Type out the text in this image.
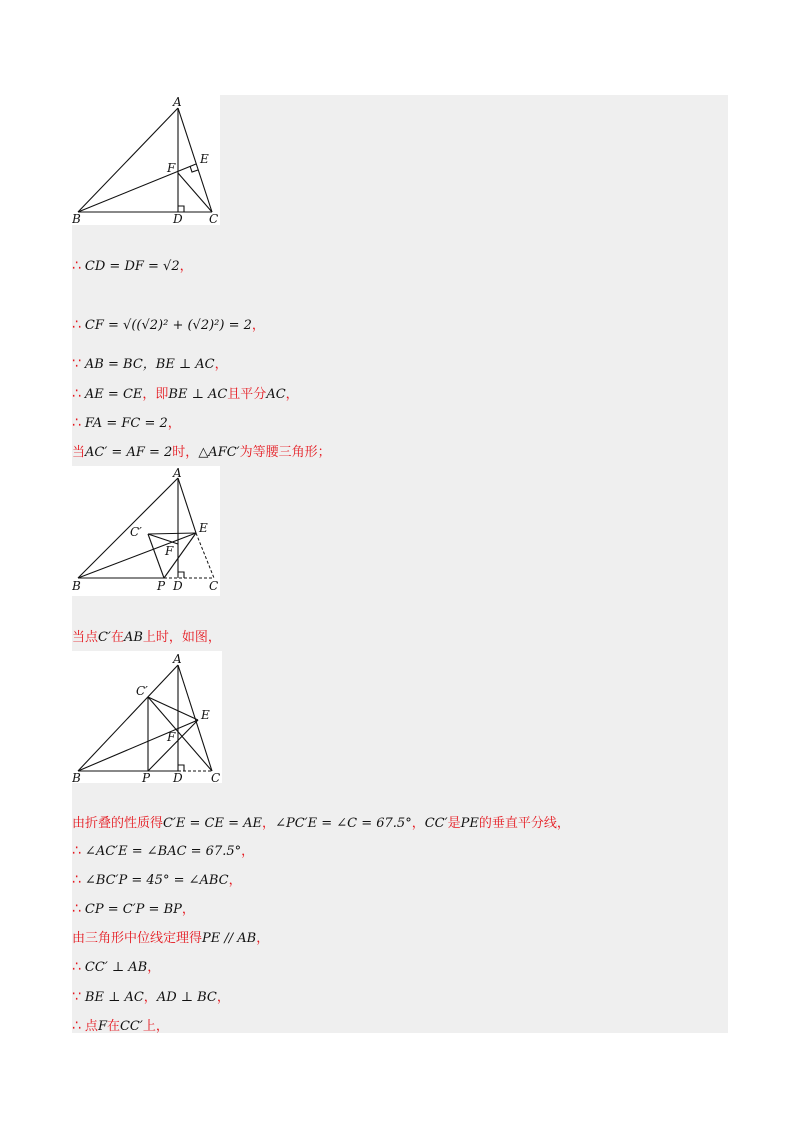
A
B	C
D
E
F
∴ CD = DF = √2，
∴ CF = √((√2)² + (√2)²) = 2，
∵ AB = BC，BE ⊥ AC，
∴ AE = CE，即BE ⊥ AC且平分AC，
∴ FA = FC = 2，
当AC′ = AF = 2时，△AFC′为等腰三角形；
A
B	C
D
P
E
F
C′
当点C′在AB上时，如图，
A
B	C
D
P
E
F
C′
由折叠的性质得C′E = CE = AE，∠PC′E = ∠C = 67.5°，CC′是PE的垂直平分线，
∴ ∠AC′E = ∠BAC = 67.5°，
∴ ∠BC′P = 45° = ∠ABC，
∴ CP = C′P = BP，
由三角形中位线定理得PE // AB，
∴ CC′ ⊥ AB，
∵ BE ⊥ AC，AD ⊥ BC，
∴ 点F在CC′上，
